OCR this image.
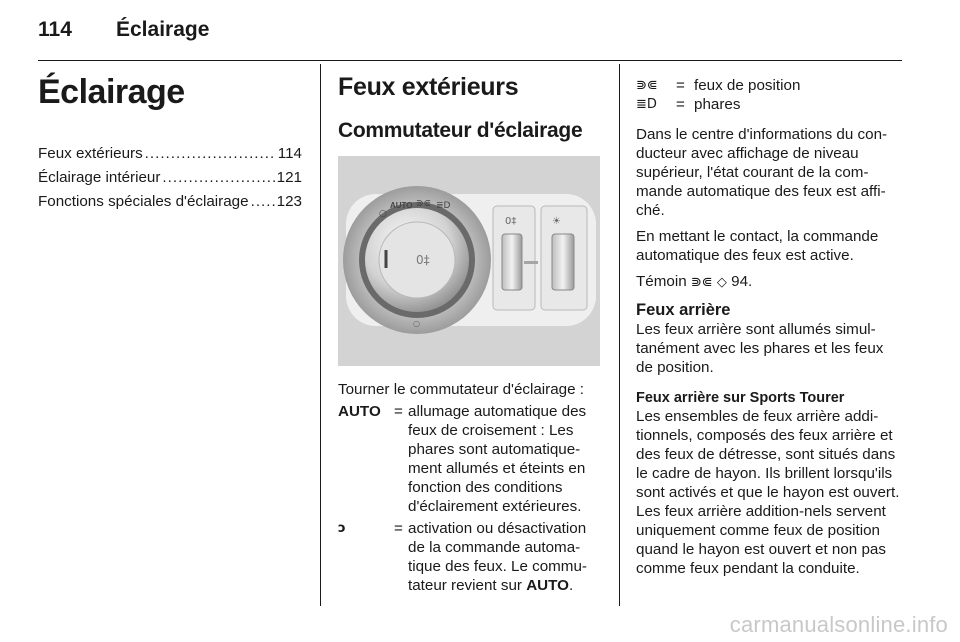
114 Éclairage
Éclairage
Feux extérieurs .....	114
Éclairage intérieur .....	121
Fonctions spéciales d'éclairage ..... 123
Feux extérieurs
Commutateur d'éclairage
0‡
○
AUTO ⋑⋐ ≣D
○
0‡	☀
Tourner le commutateur d'éclairage :
AUTO = allumage automatique des feux de croisement : Les phares sont automatique-ment allumés et éteints en fonction des conditions d'éclairement extérieures.
ↄ	= activation ou désactivation de la commande automa-tique des feux. Le commu-tateur revient sur AUTO.
⋑⋐	= feux de position
≣D	= phares

Dans le centre d'informations du con-ducteur avec affichage de niveau supérieur, l'état courant de la com-mande automatique des feux est affi-ché.

En mettant le contact, la commande automatique des feux est active.

Témoin ⋑⋐ ◇ 94.

Feux arrière

Les feux arrière sont allumés simul-tanément avec les phares et les feux de position.

Feux arrière sur Sports Tourer

Les ensembles de feux arrière addi-tionnels, composés des feux arrière et des feux de détresse, sont situés dans le cadre de hayon. Ils brillent lorsqu'ils sont activés et que le hayon est ouvert. Les feux arrière addition-nels servent uniquement comme feux de position quand le hayon est ouvert et non pas comme feux pendant la conduite.

carmanualsonline.info
